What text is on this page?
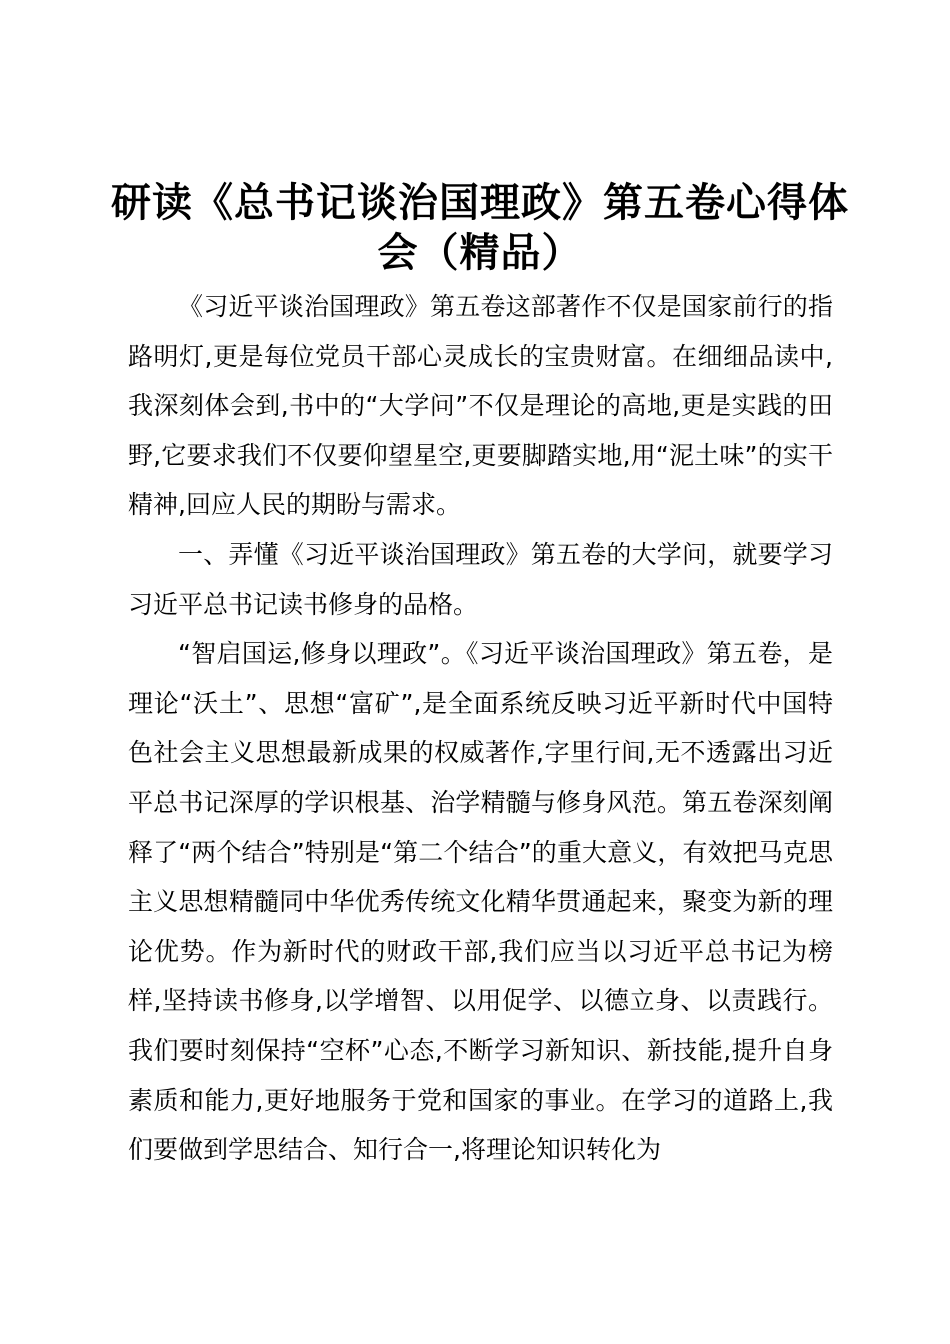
研读《总书记谈治国理政》第五卷心得体会（精品）

《习近平谈治国理政》第五卷这部著作不仅是国家前行的指路明灯,更是每位党员干部心灵成长的宝贵财富。在细细品读中,我深刻体会到,书中的“大学问”不仅是理论的高地,更是实践的田野,它要求我们不仅要仰望星空,更要脚踏实地,用“泥土味”的实干精神,回应人民的期盼与需求。

一、弄懂《习近平谈治国理政》第五卷的大学问，就要学习习近平总书记读书修身的品格。

“智启国运,修身以理政”。《习近平谈治国理政》第五卷，是理论“沃土”、思想“富矿”,是全面系统反映习近平新时代中国特色社会主义思想最新成果的权威著作,字里行间,无不透露出习近平总书记深厚的学识根基、治学精髓与修身风范。第五卷深刻阐释了“两个结合”特别是“第二个结合”的重大意义，有效把马克思主义思想精髓同中华优秀传统文化精华贯通起来，聚变为新的理论优势。作为新时代的财政干部,我们应当以习近平总书记为榜样,坚持读书修身,以学增智、以用促学、以德立身、以责践行。我们要时刻保持“空杯”心态,不断学习新知识、新技能,提升自身素质和能力,更好地服务于党和国家的事业。在学习的道路上,我们要做到学思结合、知行合一,将理论知识转化为
